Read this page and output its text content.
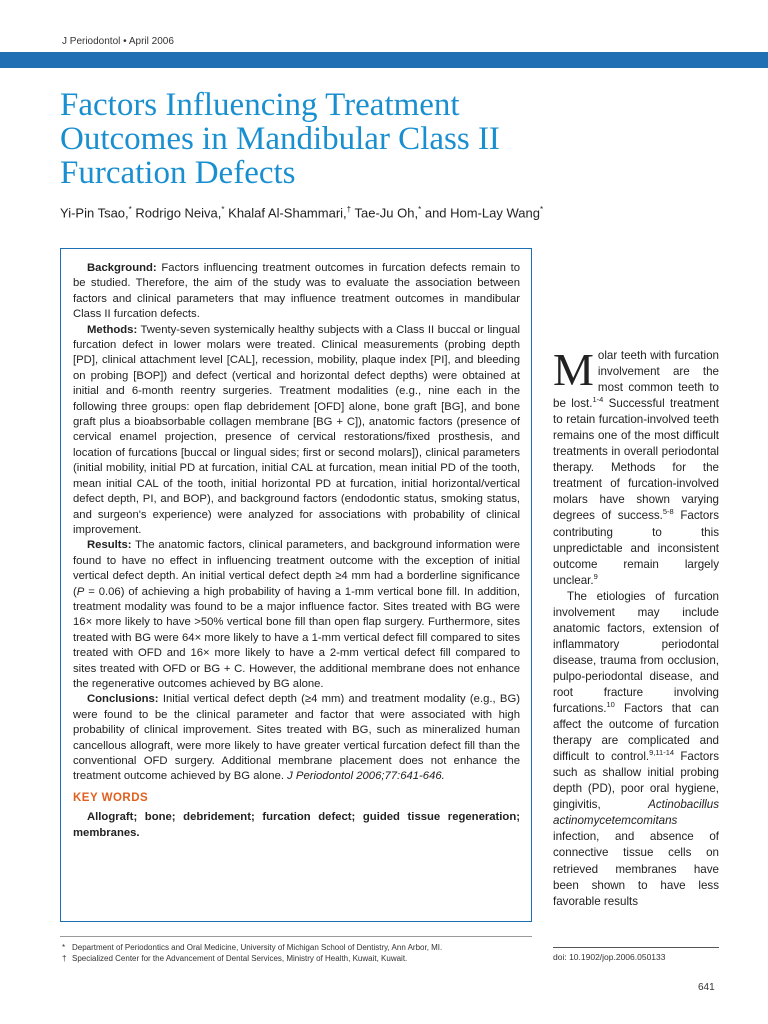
J Periodontol • April 2006
Factors Influencing Treatment
Outcomes in Mandibular Class II
Furcation Defects
Yi-Pin Tsao,* Rodrigo Neiva,* Khalaf Al-Shammari,† Tae-Ju Oh,* and Hom-Lay Wang*

Background: Factors influencing treatment outcomes in furcation defects remain to be studied. Therefore, the aim of the study was to evaluate the association between factors and clinical parameters that may influence treatment outcomes in mandibular Class II furcation defects.

Methods: Twenty-seven systemically healthy subjects with a Class II buccal or lingual furcation defect in lower molars were treated. Clinical measurements (probing depth [PD], clinical attachment level [CAL], recession, mobility, plaque index [PI], and bleeding on probing [BOP]) and defect (vertical and horizontal defect depths) were obtained at initial and 6-month reentry surgeries. Treatment modalities (e.g., nine each in the following three groups: open flap debridement [OFD] alone, bone graft [BG], and bone graft plus a bioabsorbable collagen membrane [BG + C]), anatomic factors (presence of cervical enamel projection, presence of cervical restorations/fixed prosthesis, and location of furcations [buccal or lingual sides; first or second molars]), clinical parameters (initial mobility, initial PD at furcation, initial CAL at furcation, mean initial PD of the tooth, mean initial CAL of the tooth, initial horizontal PD at furcation, initial horizontal/vertical defect depth, PI, and BOP), and background factors (endodontic status, smoking status, and surgeon's experience) were analyzed for associations with probability of clinical improvement.

Results: The anatomic factors, clinical parameters, and background information were found to have no effect in influencing treatment outcome with the exception of initial vertical defect depth. An initial vertical defect depth ≥4 mm had a borderline significance (P = 0.06) of achieving a high probability of having a 1-mm vertical bone fill. In addition, treatment modality was found to be a major influence factor. Sites treated with BG were 16× more likely to have >50% vertical bone fill than open flap surgery. Furthermore, sites treated with BG were 64× more likely to have a 1-mm vertical defect fill compared to sites treated with OFD and 16× more likely to have a 2-mm vertical defect fill compared to sites treated with OFD or BG + C. However, the additional membrane does not enhance the regenerative outcomes achieved by BG alone.

Conclusions: Initial vertical defect depth (≥4 mm) and treatment modality (e.g., BG) were found to be the clinical parameter and factor that were associated with high probability of clinical improvement. Sites treated with BG, such as mineralized human cancellous allograft, were more likely to have greater vertical furcation defect fill than the conventional OFD surgery. Additional membrane placement does not enhance the treatment outcome achieved by BG alone. J Periodontol 2006;77:641-646.

KEY WORDS

Allograft; bone; debridement; furcation defect; guided tissue regeneration; membranes.

Molar teeth with furcation involvement are the most common teeth to be lost.$^{1-4}$ Successful treatment to retain furcation-involved teeth remains one of the most difficult treatments in overall periodontal therapy. Methods for the treatment of furcation-involved molars have shown varying degrees of success.$^{5-8}$ Factors contributing to this unpredictable and inconsistent outcome remain largely unclear.$^9$

The etiologies of furcation involvement may include anatomic factors, extension of inflammatory periodontal disease, trauma from occlusion, pulpo-periodontal disease, and root fracture involving furcations.$^{10}$ Factors that can affect the outcome of furcation therapy are complicated and difficult to control.$^{9,11-14}$ Factors such as shallow initial probing depth (PD), poor oral hygiene, gingivitis, Actinobacillus actinomycetemcomitans infection, and absence of connective tissue cells on retrieved membranes have been shown to have less favorable results

* Department of Periodontics and Oral Medicine, University of Michigan School of Dentistry, Ann Arbor, MI.
† Specialized Center for the Advancement of Dental Services, Ministry of Health, Kuwait, Kuwait.	doi: 10.1902/jop.2006.050133
641
